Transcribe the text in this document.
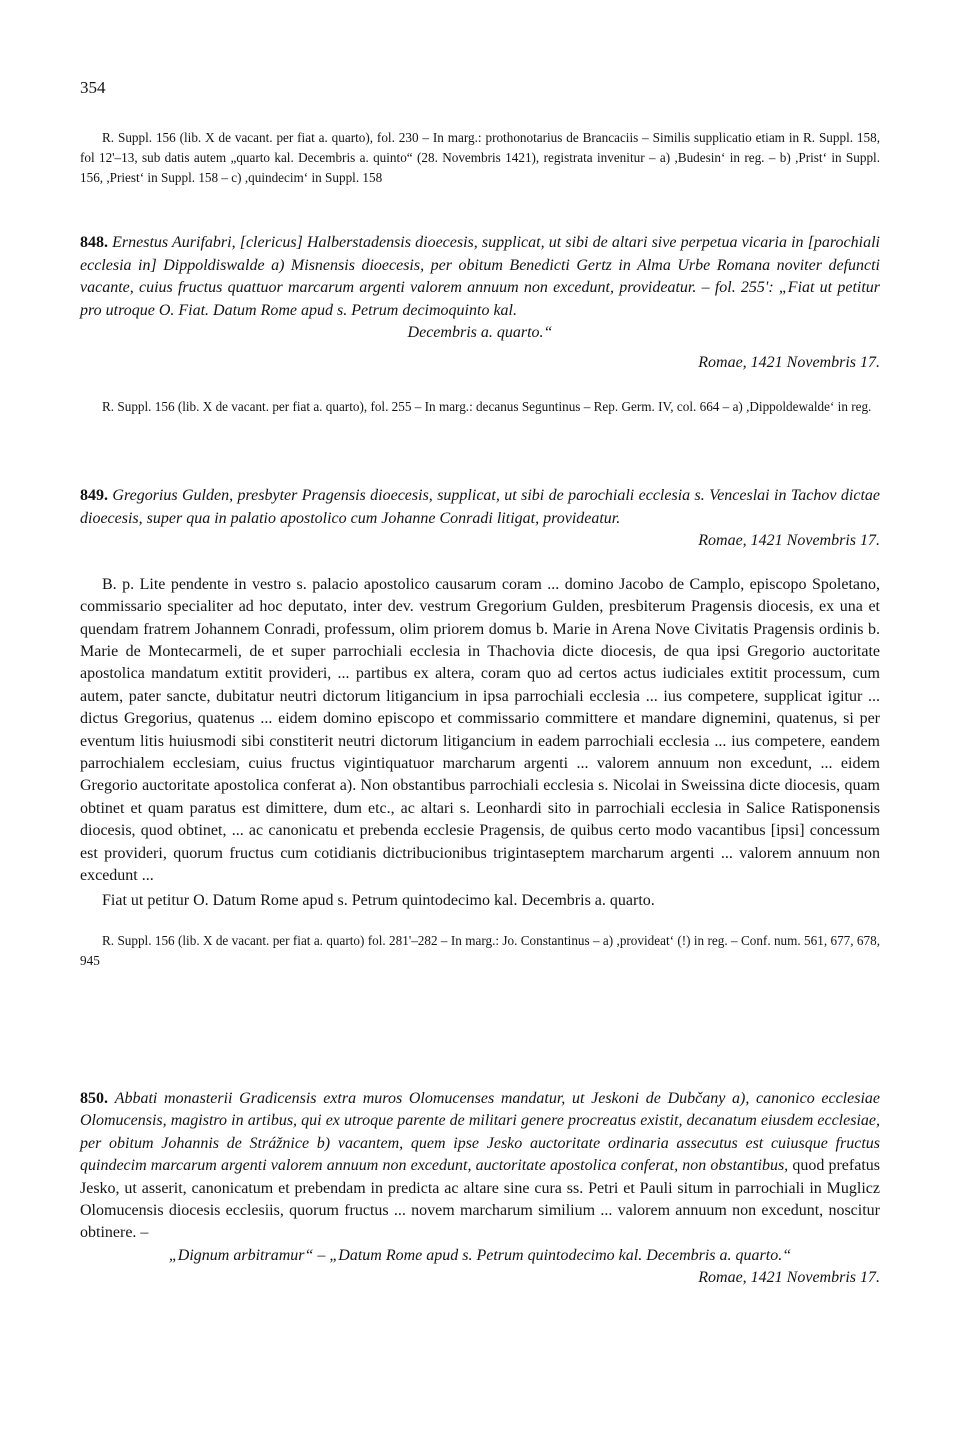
354

R. Suppl. 156 (lib. X de vacant. per fiat a. quarto), fol. 230 – In marg.: prothonotarius de Brancaciis – Similis supplicatio etiam in R. Suppl. 158, fol 12'–13, sub datis autem „quarto kal. Decembris a. quinto“ (28. Novembris 1421), registrata invenitur – a) ,Budesin‘ in reg. – b) ,Prist‘ in Suppl. 156, ,Priest‘ in Suppl. 158 – c) ,quindecim‘ in Suppl. 158

848. Ernestus Aurifabri, [clericus] Halberstadensis dioecesis, supplicat, ut sibi de altari sive perpetua vicaria in [parochiali ecclesia in] Dippoldiswalde a) Misnensis dioecesis, per obitum Benedicti Gertz in Alma Urbe Romana noviter defuncti vacante, cuius fructus quattuor marcarum argenti valorem annuum non excedunt, provideatur. – fol. 255': „Fiat ut petitur pro utroque O. Fiat. Datum Rome apud s. Petrum decimoquinto kal.

Decembris a. quarto.“

Romae, 1421 Novembris 17.

R. Suppl. 156 (lib. X de vacant. per fiat a. quarto), fol. 255 – In marg.: decanus Seguntinus – Rep. Germ. IV, col. 664 – a) ,Dippoldewalde‘ in reg.

849. Gregorius Gulden, presbyter Pragensis dioecesis, supplicat, ut sibi de parochiali ecclesia s. Venceslai in Tachov dictae dioecesis, super qua in palatio apostolico cum Johanne Conradi litigat, provideatur.

Romae, 1421 Novembris 17.

B. p. Lite pendente in vestro s. palacio apostolico causarum coram ... domino Jacobo de Camplo, episcopo Spoletano, commissario specialiter ad hoc deputato, inter dev. vestrum Gregorium Gulden, presbiterum Pragensis diocesis, ex una et quendam fratrem Johannem Conradi, professum, olim priorem domus b. Marie in Arena Nove Civitatis Pragensis ordinis b. Marie de Montecarmeli, de et super parrochiali ecclesia in Thachovia dicte diocesis, de qua ipsi Gregorio auctoritate apostolica mandatum extitit provideri, ... partibus ex altera, coram quo ad certos actus iudiciales extitit processum, cum autem, pater sancte, dubitatur neutri dictorum litigancium in ipsa parrochiali ecclesia ... ius competere, supplicat igitur ... dictus Gregorius, quatenus ... eidem domino episcopo et commissario committere et mandare dignemini, quatenus, si per eventum litis huiusmodi sibi constiterit neutri dictorum litigancium in eadem parrochiali ecclesia ... ius competere, eandem parrochialem ecclesiam, cuius fructus vigintiquatuor marcharum argenti ... valorem annuum non excedunt, ... eidem Gregorio auctoritate apostolica conferat a). Non obstantibus parrochiali ecclesia s. Nicolai in Sweissina dicte diocesis, quam obtinet et quam paratus est dimittere, dum etc., ac altari s. Leonhardi sito in parrochiali ecclesia in Salice Ratisponensis diocesis, quod obtinet, ... ac canonicatu et prebenda ecclesie Pragensis, de quibus certo modo vacantibus [ipsi] concessum est provideri, quorum fructus cum cotidianis dictribucionibus trigintaseptem marcharum argenti ... valorem annuum non excedunt ...

Fiat ut petitur O. Datum Rome apud s. Petrum quintodecimo kal. Decembris a. quarto.

R. Suppl. 156 (lib. X de vacant. per fiat a. quarto) fol. 281'–282 – In marg.: Jo. Constantinus – a) ,provideat‘ (!) in reg. – Conf. num. 561, 677, 678, 945

850. Abbati monasterii Gradicensis extra muros Olomucenses mandatur, ut Jeskoni de Dubčany a), canonico ecclesiae Olomucensis, magistro in artibus, qui ex utroque parente de militari genere procreatus existit, decanatum eiusdem ecclesiae, per obitum Johannis de Strážnice b) vacantem, quem ipse Jesko auctoritate ordinaria assecutus est cuiusque fructus quindecim marcarum argenti valorem annuum non excedunt, auctoritate apostolica conferat, non obstantibus, quod prefatus Jesko, ut asserit, canonicatum et prebendam in predicta ac altare sine cura ss. Petri et Pauli situm in parrochiali in Muglicz Olomucensis diocesis ecclesiis, quorum fructus ... novem marcharum similium ... valorem annuum non excedunt, noscitur obtinere. –

„Dignum arbitramur“ – „Datum Rome apud s. Petrum quintodecimo kal. Decembris a. quarto.“

Romae, 1421 Novembris 17.
